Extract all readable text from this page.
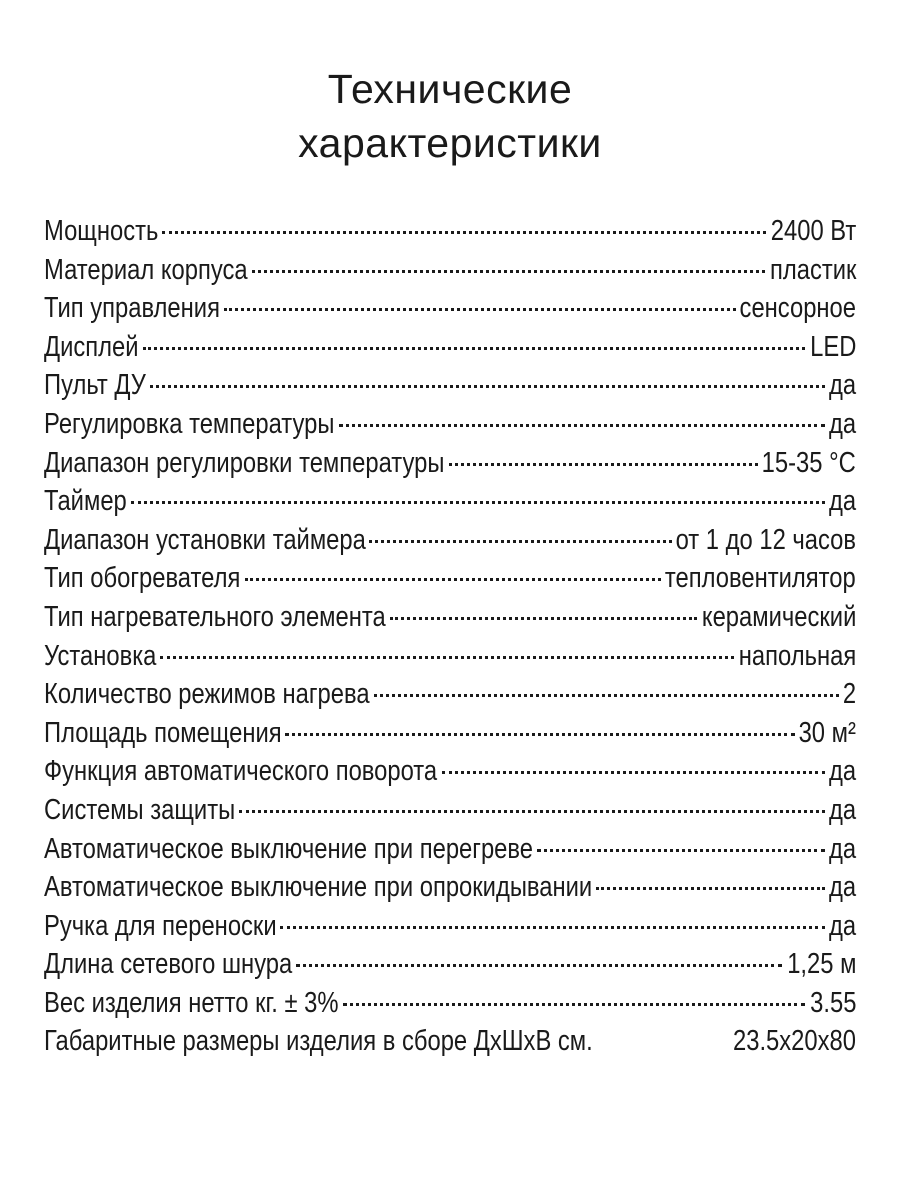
Технические
характеристики
Мощность	2400 Вт
Материал корпуса	пластик
Тип управления	сенсорное
Дисплей	LED
Пульт ДУ	да
Регулировка температуры	да
Диапазон регулировки температуры	15-35 °C
Таймер	да
Диапазон установки таймера	от 1 до 12 часов
Тип обогревателя	тепловентилятор
Тип нагревательного элемента	керамический
Установка	напольная
Количество режимов нагрева	2
Площадь помещения	30 м²
Функция автоматического поворота	да
Системы защиты	да
Автоматическое выключение при перегреве	да
Автоматическое выключение при опрокидывании	да
Ручка для переноски	да
Длина сетевого шнура	1,25 м
Вес изделия нетто кг. ± 3%	3.55
Габаритные размеры изделия в сборе ДхШхВ см.	23.5x20x80
